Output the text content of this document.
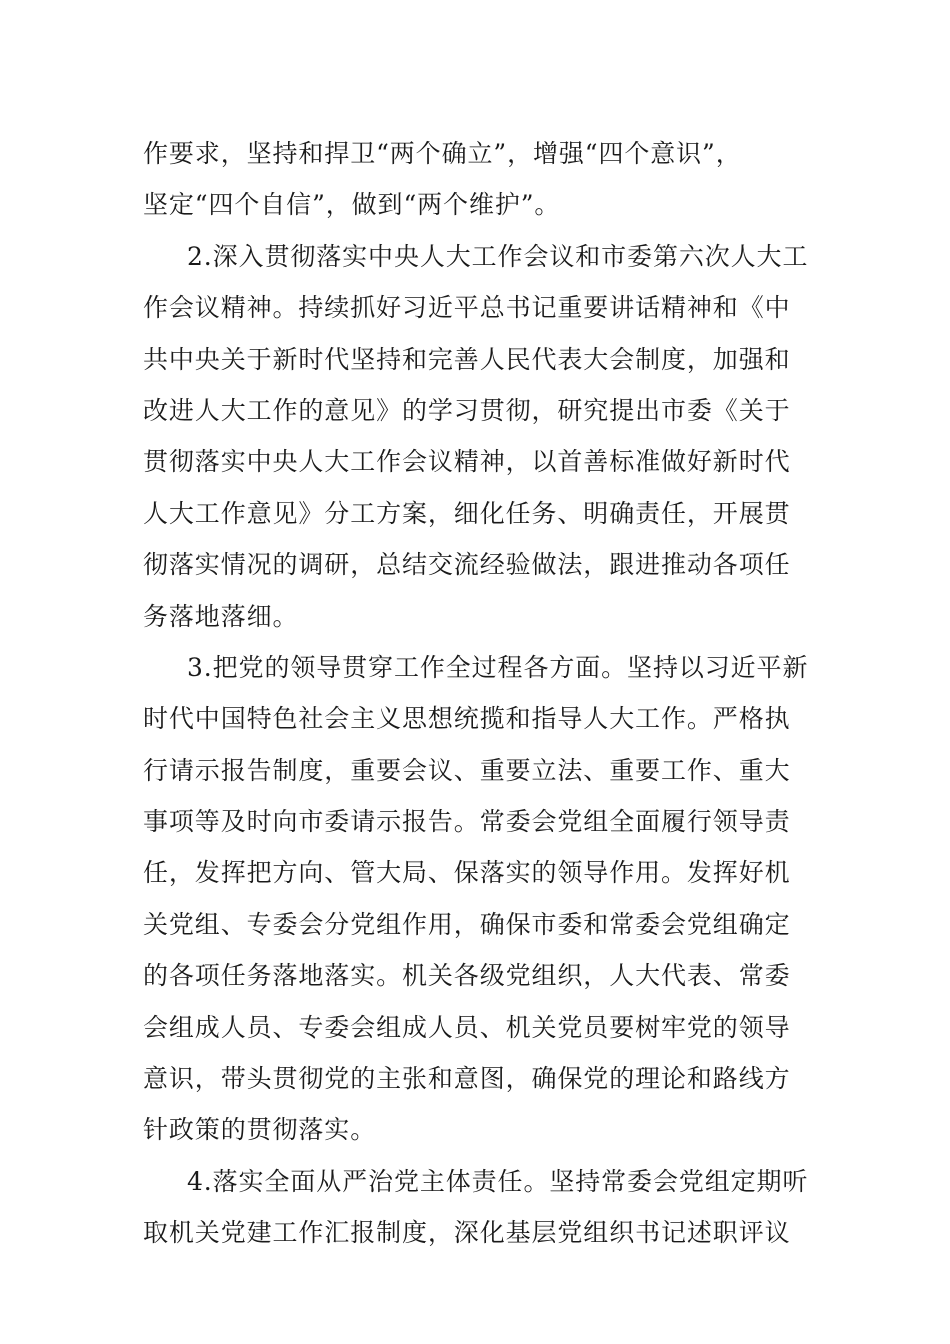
作要求，坚持和捍卫“两个确立”，增强“四个意识”，
坚定“四个自信”，做到“两个维护”。
2.深入贯彻落实中央人大工作会议和市委第六次人大工
作会议精神。持续抓好习近平总书记重要讲话精神和《中
共中央关于新时代坚持和完善人民代表大会制度，加强和
改进人大工作的意见》的学习贯彻，研究提出市委《关于
贯彻落实中央人大工作会议精神，以首善标准做好新时代
人大工作意见》分工方案，细化任务、明确责任，开展贯
彻落实情况的调研，总结交流经验做法，跟进推动各项任
务落地落细。
3.把党的领导贯穿工作全过程各方面。坚持以习近平新
时代中国特色社会主义思想统揽和指导人大工作。严格执
行请示报告制度，重要会议、重要立法、重要工作、重大
事项等及时向市委请示报告。常委会党组全面履行领导责
任，发挥把方向、管大局、保落实的领导作用。发挥好机
关党组、专委会分党组作用，确保市委和常委会党组确定
的各项任务落地落实。机关各级党组织，人大代表、常委
会组成人员、专委会组成人员、机关党员要树牢党的领导
意识，带头贯彻党的主张和意图，确保党的理论和路线方
针政策的贯彻落实。
4.落实全面从严治党主体责任。坚持常委会党组定期听
取机关党建工作汇报制度，深化基层党组织书记述职评议
